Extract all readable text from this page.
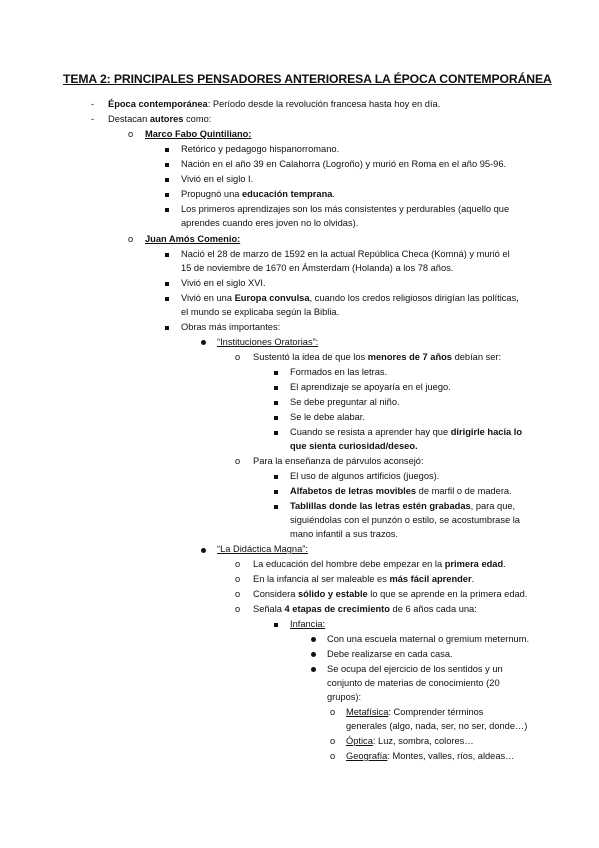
TEMA 2: PRINCIPALES PENSADORES ANTERIORESA LA ÉPOCA CONTEMPORÁNEA
- Época contemporánea: Período desde la revolución francesa hasta hoy en día.
- Destacan autores como:
o Marco Fabo Quintiliano:
Retórico y pedagogo hispanorromano.
Nación en el año 39 en Calahorra (Logroño) y murió en Roma en el año 95-96.
Vivió en el siglo I.
Propugnó una educación temprana.
Los primeros aprendizajes son los más consistentes y perdurables (aquello que
aprendes cuando eres joven no lo olvidas).
o Juan Amós Comenio:
Nació el 28 de marzo de 1592 en la actual República Checa (Komná) y murió el
15 de noviembre de 1670 en Ámsterdam (Holanda) a los 78 años.
Vivió en el siglo XVI.
Vivió en una Europa convulsa, cuando los credos religiosos dirigían las políticas,
el mundo se explicaba según la Biblia.
Obras más importantes:
“Instituciones Oratorias”:
o Sustentó la idea de que los menores de 7 años debían ser:
Formados en las letras.
El aprendizaje se apoyaría en el juego.
Se debe preguntar al niño.
Se le debe alabar.
Cuando se resista a aprender hay que dirigirle hacia lo
que sienta curiosidad/deseo.
o Para la enseñanza de párvulos aconsejó:
El uso de algunos artificios (juegos).
Alfabetos de letras movibles de marfil o de madera.
Tablillas donde las letras estén grabadas, para que,
siguiéndolas con el punzón o estilo, se acostumbrase la
mano infantil a sus trazos.
“La Didáctica Magna”:
o La educación del hombre debe empezar en la primera edad.
o En la infancia al ser maleable es más fácil aprender.
o Considera sólido y estable lo que se aprende en la primera edad.
o Señala 4 etapas de crecimiento de 6 años cada una:
Infancia:
Con una escuela maternal o gremium meternum.
Debe realizarse en cada casa.
Se ocupa del ejercicio de los sentidos y un
conjunto de materias de conocimiento (20
grupos):
o Metafísica: Comprender términos
generales (algo, nada, ser, no ser, donde…)
o Óptica: Luz, sombra, colores…
o Geografía: Montes, valles, ríos, aldeas…
